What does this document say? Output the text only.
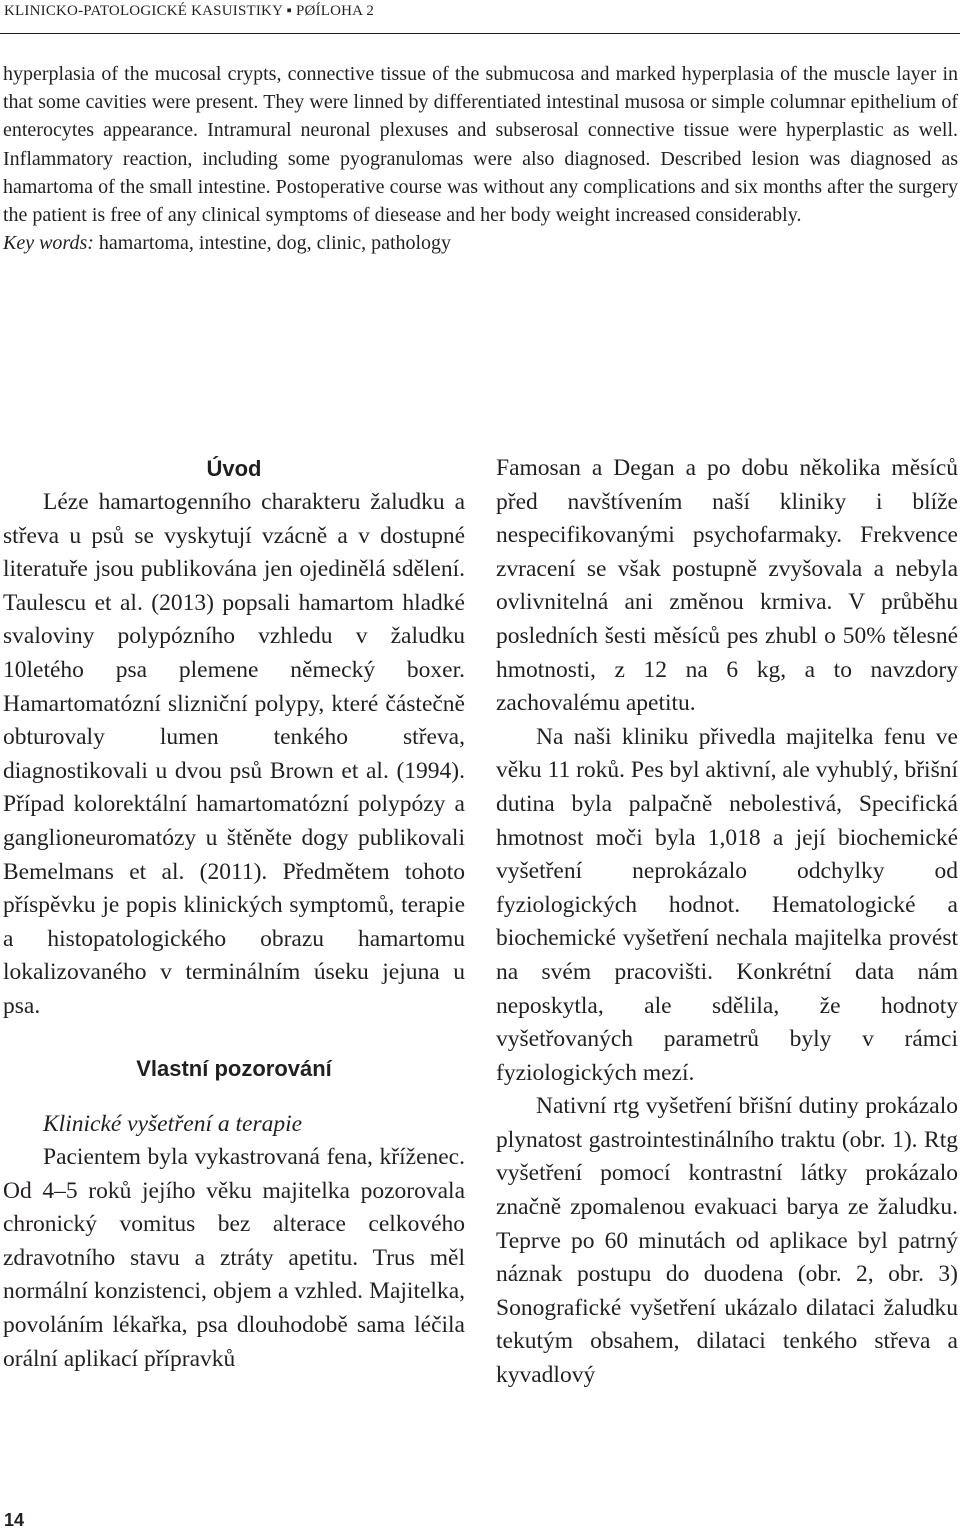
KLINICKO-PATOLOGICKÉ KASUISTIKY ▪ PØÍLOHA 2

hyperplasia of the mucosal crypts, connective tissue of the submucosa and marked hyperplasia of the muscle layer in that some cavities were present. They were linned by differentiated intestinal musosa or simple columnar epithelium of enterocytes appearance. Intramural neuronal plexuses and subserosal connective tissue were hyperplastic as well. Inflammatory reaction, including some pyogranulomas were also diagnosed. Described lesion was diagnosed as hamartoma of the small intestine. Postoperative course was without any complications and six months after the surgery the patient is free of any clinical symptoms of diesease and her body weight increased considerably.

Key words: hamartoma, intestine, dog, clinic, pathology

Úvod

Léze hamartogenního charakteru žaludku a střeva u psů se vyskytují vzácně a v dostupné literatuře jsou publikována jen ojedinělá sdělení. Taulescu et al. (2013) popsali hamartom hladké svaloviny polypózního vzhledu v žaludku 10letého psa plemene německý boxer. Hamartomatózní slizniční polypy, které částečně obturovaly lumen tenkého střeva, diagnostikovali u dvou psů Brown et al. (1994). Případ kolorektální hamartomatózní polypózy a ganglioneuromatózy u štěněte dogy publikovali Bemelmans et al. (2011). Předmětem tohoto příspěvku je popis klinických symptomů, terapie a histopatologického obrazu hamartomu lokalizovaného v terminálním úseku jejuna u psa.

Vlastní pozorování

Klinické vyšetření a terapie

Pacientem byla vykastrovaná fena, kříženec. Od 4–5 roků jejího věku majitelka pozorovala chronický vomitus bez alterace celkového zdravotního stavu a ztráty apetitu. Trus měl normální konzistenci, objem a vzhled. Majitelka, povoláním lékařka, psa dlouhodobě sama léčila orální aplikací přípravků

Famosan a Degan a po dobu několika měsíců před navštívením naší kliniky i blíže nespecifikovanými psychofarmaky. Frekvence zvracení se však postupně zvyšovala a nebyla ovlivnitelná ani změnou krmiva. V průběhu posledních šesti měsíců pes zhubl o 50% tělesné hmotnosti, z 12 na 6 kg, a to navzdory zachovalému apetitu.

Na naši kliniku přivedla majitelka fenu ve věku 11 roků. Pes byl aktivní, ale vyhublý, břišní dutina byla palpačně nebolestivá, Specifická hmotnost moči byla 1,018 a její biochemické vyšetření neprokázalo odchylky od fyziologických hodnot. Hematologické a biochemické vyšetření nechala majitelka provést na svém pracovišti. Konkrétní data nám neposkytla, ale sdělila, že hodnoty vyšetřovaných parametrů byly v rámci fyziologických mezí.

Nativní rtg vyšetření břišní dutiny prokázalo plynatost gastrointestinálního traktu (obr. 1). Rtg vyšetření pomocí kontrastní látky prokázalo značně zpomalenou evakuaci barya ze žaludku. Teprve po 60 minutách od aplikace byl patrný náznak postupu do duodena (obr. 2, obr. 3) Sonografické vyšetření ukázalo dilataci žaludku tekutým obsahem, dilataci tenkého střeva a kyvadlový

14
